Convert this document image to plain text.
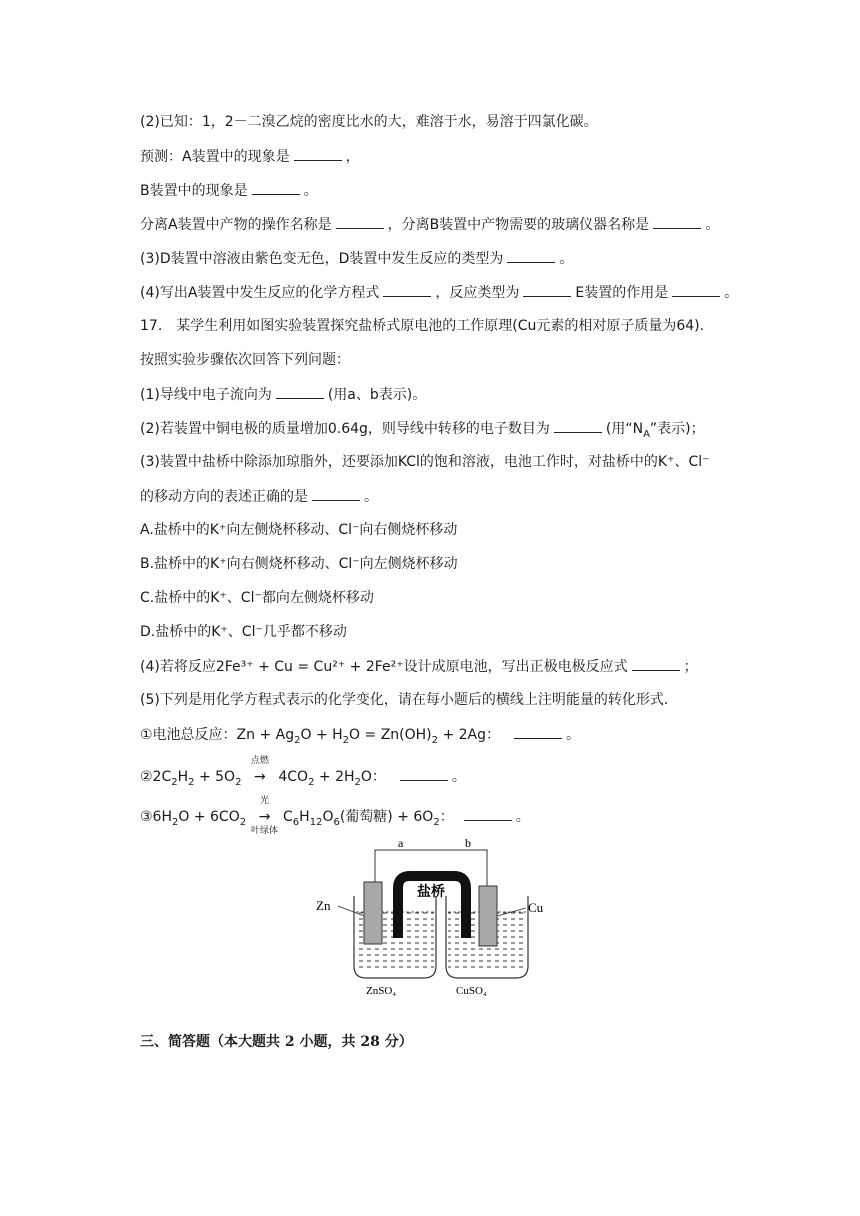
(2)已知：1，2－二溴乙烷的密度比水的大，难溶于水，易溶于四氯化碳。
预测：A装置中的现象是	，
B装置中的现象是	。
分离A装置中产物的操作名称是	，分离B装置中产物需要的玻璃仪器名称是	。
(3)D装置中溶液由紫色变无色，D装置中发生反应的类型为	。
(4)写出A装置中发生反应的化学方程式	，反应类型为	E装置的作用是	。
17.　某学生利用如图实验装置探究盐桥式原电池的工作原理(Cu元素的相对原子质量为64).
按照实验步骤依次回答下列问题：
(1)导线中电子流向为	(用a、b表示)。
(2)若装置中铜电极的质量增加0.64g，则导线中转移的电子数目为	(用“$N_A$”表示)；
(3)装置中盐桥中除添加琼脂外，还要添加KCl的饱和溶液，电池工作时，对盐桥中的K⁺、Cl⁻
的移动方向的表述正确的是	。
A.盐桥中的K⁺向左侧烧杯移动、Cl⁻向右侧烧杯移动
B.盐桥中的K⁺向右侧烧杯移动、Cl⁻向左侧烧杯移动
C.盐桥中的K⁺、Cl⁻都向左侧烧杯移动
D.盐桥中的K⁺、Cl⁻几乎都不移动
(4)若将反应2Fe³⁺ + Cu = Cu²⁺ + 2Fe²⁺设计成原电池，写出正极电极反应式	；
(5)下列是用化学方程式表示的化学变化，请在每小题后的横线上注明能量的转化形式.
①电池总反应：$Zn + Ag_2O + H_2O = Zn(OH)_2 + 2Ag$：	。
$②2C_2H_2 + 5O_2$
点燃
→ $4CO_2 + 2H_2O$：	。
$③6H_2O + 6CO_2$
光
→
叶绿体
$C_6H_{12}O_6$(葡萄糖) + $6O_2$：	。
a	b
盐桥
Zn	Cu
ZnSO₄	CuSO₄
三、简答题（本大题共 2 小题，共 28 分）
